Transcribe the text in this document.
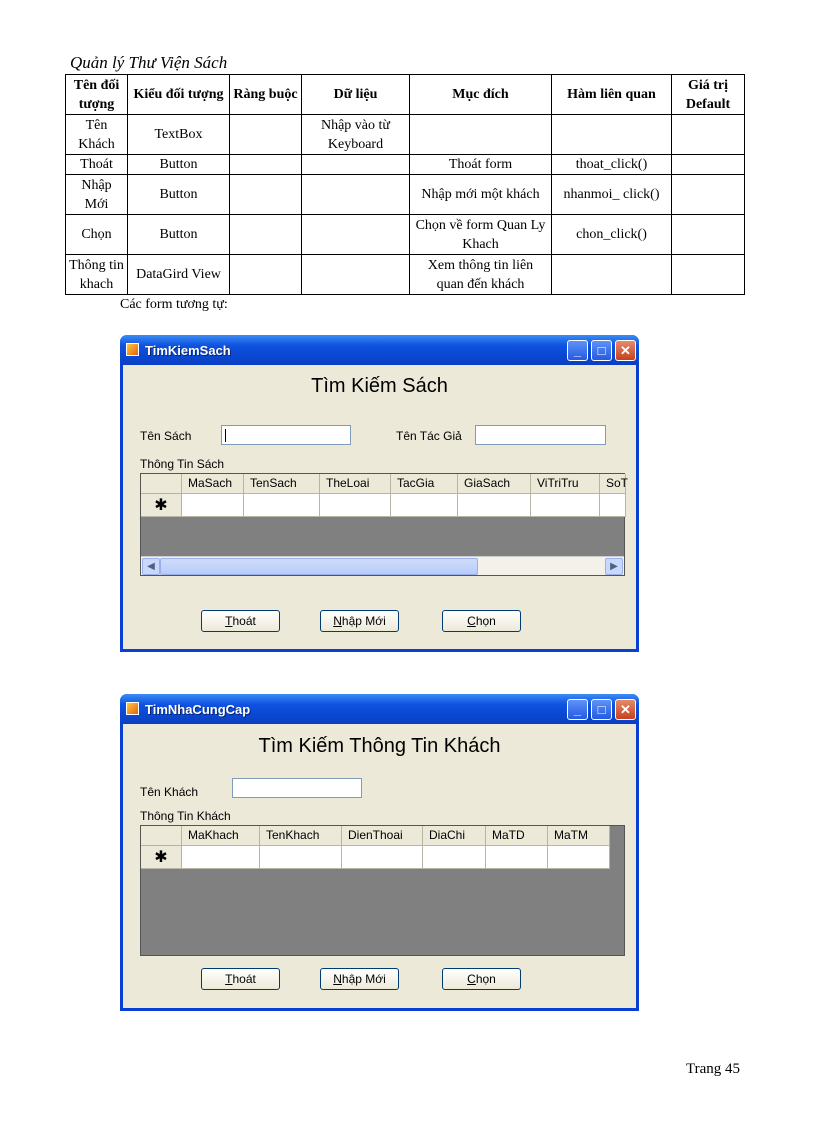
Quản lý Thư Viện Sách
Tên đối tượng	Kiểu đối tượng	Ràng buộc	Dữ liệu	Mục đích	Hàm liên quan	Giá trị Default
Tên Khách	TextBox		Nhập vào từ Keyboard			
Thoát	Button			Thoát form	thoat_click()	
Nhập Mới	Button			Nhập mới một khách	nhanmoi_ click()	
Chọn	Button			Chọn về form Quan Ly Khach	chon_click()	
Thông tin khach	DataGird View			Xem thông tin liên quan đến khách		
Các form tương tự:
TimKiemSach	_	□	✕
Tìm Kiếm Sách
Tên Sách	Tên Tác Giả
Thông Tin Sách
MaSach	TenSach	TheLoai	TacGia	GiaSach	ViTriTru	SoT
✱
◀	▶
Thoát	Nhập Mới	Chọn
TimNhaCungCap	_	□	✕
Tìm Kiếm Thông Tin Khách
Tên Khách
Thông Tin Khách
MaKhach	TenKhach	DienThoai	DiaChi	MaTD	MaTM
✱
Thoát	Nhập Mới	Chọn
Trang 45
